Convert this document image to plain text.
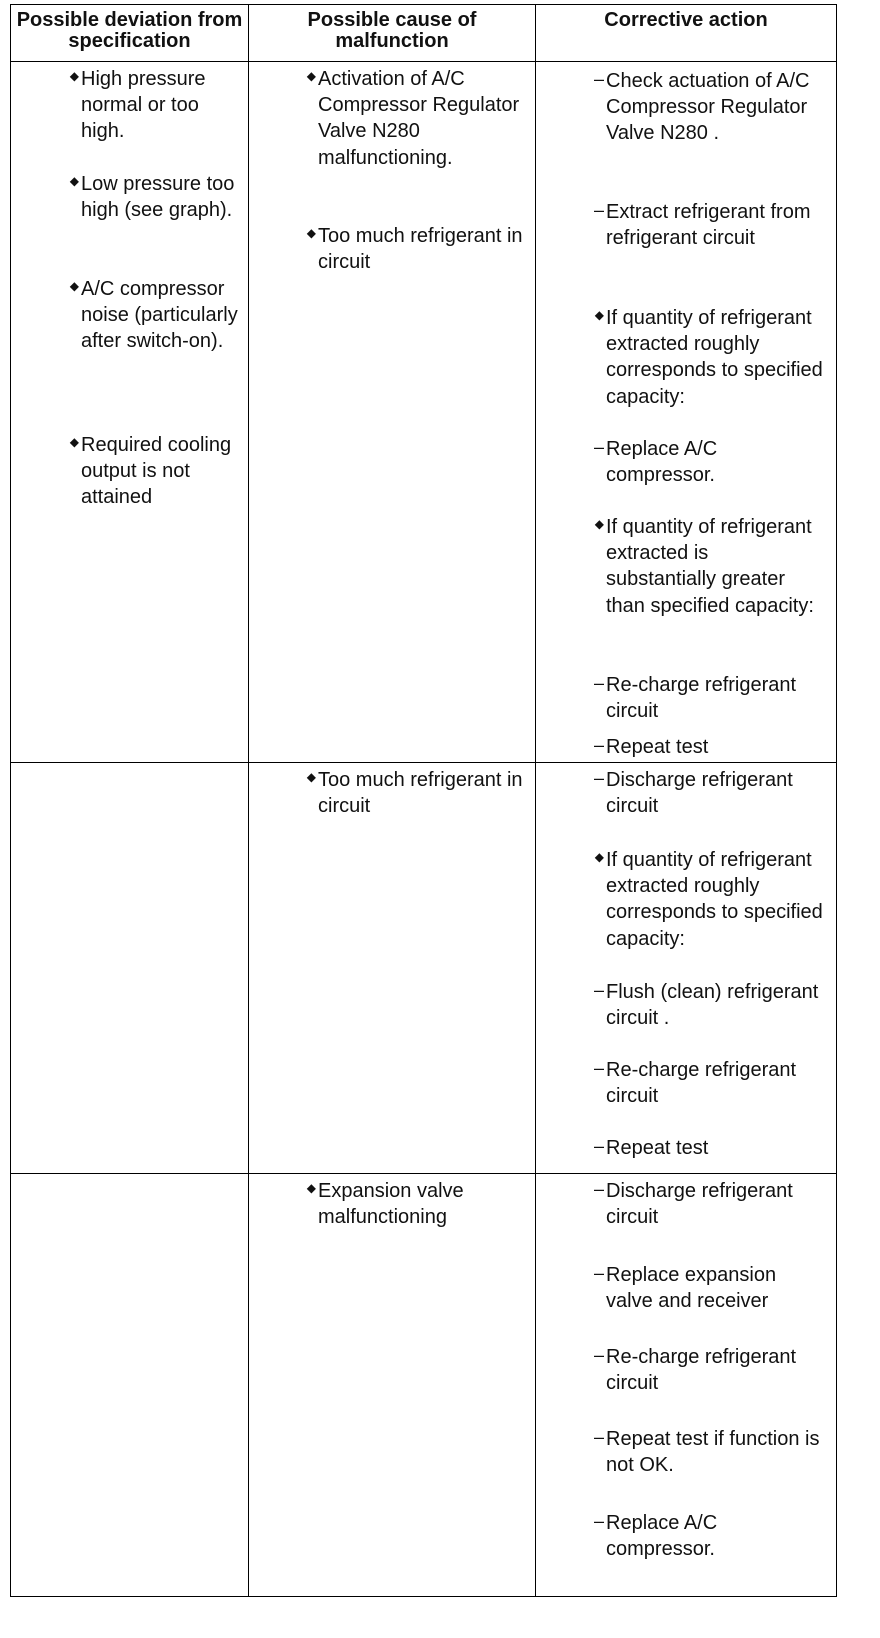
Possible deviation from specification
Possible cause of malfunction
Corrective action
◆ High pressure normal or too high.
◆ Low pressure too high (see graph).
◆ A/C compressor noise (particularly after switch-on).
◆ Required cooling output is not attained
◆ Activation of A/C Compressor Regulator Valve N280 malfunctioning.
◆ Too much refrigerant in circuit
– Check actuation of A/C Compressor Regulator Valve N280 .
– Extract refrigerant from refrigerant circuit
◆ If quantity of refrigerant extracted roughly corresponds to specified capacity:
– Replace A/C compressor.
◆ If quantity of refrigerant extracted is substantially greater than specified capacity:
– Re-charge refrigerant circuit
– Repeat test
◆ Too much refrigerant in circuit
– Discharge refrigerant circuit
◆ If quantity of refrigerant extracted roughly corresponds to specified capacity:
– Flush (clean) refrigerant circuit .
– Re-charge refrigerant circuit
– Repeat test
◆ Expansion valve malfunctioning
– Discharge refrigerant circuit
– Replace expansion valve and receiver
– Re-charge refrigerant circuit
– Repeat test if function is not OK.
– Replace A/C compressor.
